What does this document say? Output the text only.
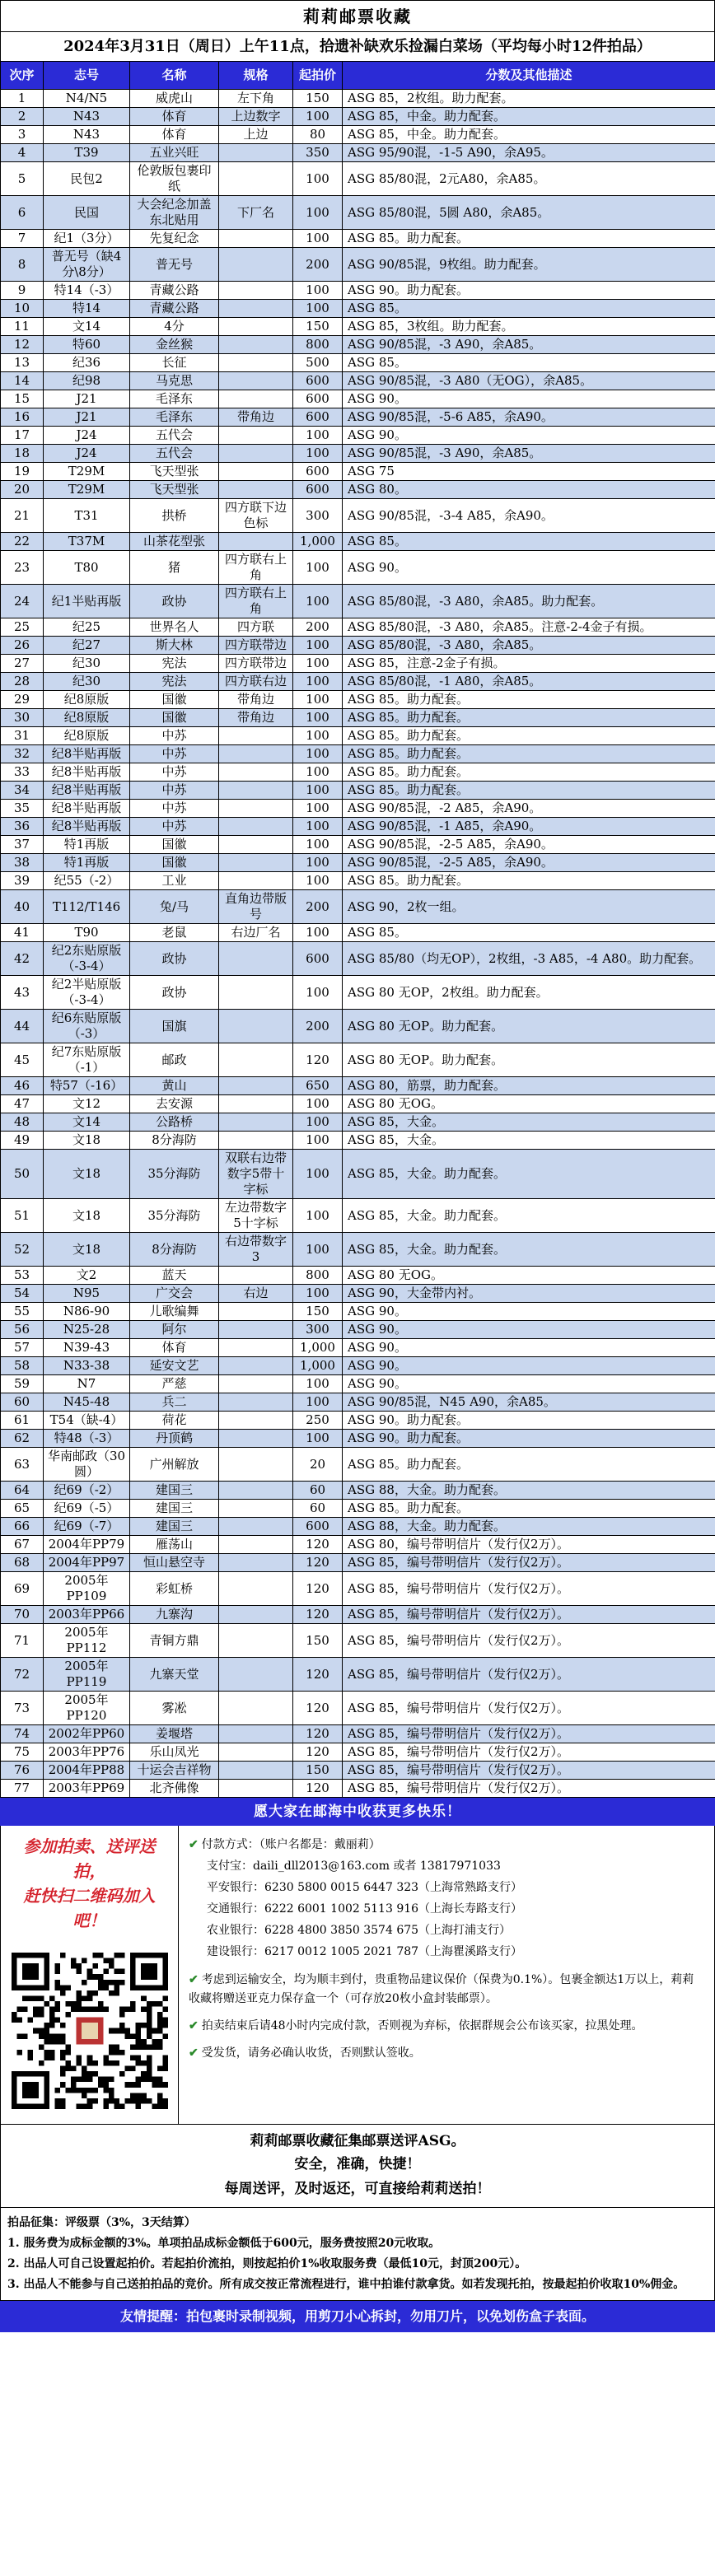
莉莉邮票收藏
2024年3月31日（周日）上午11点，拾遗补缺欢乐捡漏白菜场（平均每小时12件拍品）
次序	志号	名称	规格	起拍价	分数及其他描述
1	N4/N5	威虎山	左下角	150	ASG 85，2枚组。助力配套。
2	N43	体育	上边数字	100	ASG 85，中金。助力配套。
3	N43	体育	上边	80	ASG 85，中金。助力配套。
4	T39	五业兴旺		350	ASG 95/90混，-1-5 A90，余A95。
5	民包2	伦敦版包裹印纸		100	ASG 85/80混，2元A80，余A85。
6	民国	大会纪念加盖东北贴用	下厂名	100	ASG 85/80混，5圆 A80，余A85。
7	纪1（3分）	先复纪念		100	ASG 85。助力配套。
8	普无号（缺4分\8分）	普无号		200	ASG 90/85混，9枚组。助力配套。
9	特14（-3）	青藏公路		100	ASG 90。助力配套。
10	特14	青藏公路		100	ASG 85。
11	文14	4分		150	ASG 85，3枚组。助力配套。
12	特60	金丝猴		800	ASG 90/85混，-3 A90，余A85。
13	纪36	长征		500	ASG 85。
14	纪98	马克思		600	ASG 90/85混，-3 A80（无OG），余A85。
15	J21	毛泽东		600	ASG 90。
16	J21	毛泽东	带角边	600	ASG 90/85混，-5-6 A85，余A90。
17	J24	五代会		100	ASG 90。
18	J24	五代会		100	ASG 90/85混，-3 A90，余A85。
19	T29M	飞天型张		600	ASG 75
20	T29M	飞天型张		600	ASG 80。
21	T31	拱桥	四方联下边色标	300	ASG 90/85混，-3-4 A85，余A90。
22	T37M	山茶花型张		1,000	ASG 85。
23	T80	猪	四方联右上角	100	ASG 90。
24	纪1半贴再版	政协	四方联右上角	100	ASG 85/80混，-3 A80，余A85。助力配套。
25	纪25	世界名人	四方联	200	ASG 85/80混，-3 A80，余A85。注意-2-4金子有损。
26	纪27	斯大林	四方联带边	100	ASG 85/80混，-3 A80，余A85。
27	纪30	宪法	四方联带边	100	ASG 85，注意-2金子有损。
28	纪30	宪法	四方联右边	100	ASG 85/80混，-1 A80，余A85。
29	纪8原版	国徽	带角边	100	ASG 85。助力配套。
30	纪8原版	国徽	带角边	100	ASG 85。助力配套。
31	纪8原版	中苏		100	ASG 85。助力配套。
32	纪8半贴再版	中苏		100	ASG 85。助力配套。
33	纪8半贴再版	中苏		100	ASG 85。助力配套。
34	纪8半贴再版	中苏		100	ASG 85。助力配套。
35	纪8半贴再版	中苏		100	ASG 90/85混，-2 A85，余A90。
36	纪8半贴再版	中苏		100	ASG 90/85混，-1 A85，余A90。
37	特1再版	国徽		100	ASG 90/85混，-2-5 A85，余A90。
38	特1再版	国徽		100	ASG 90/85混，-2-5 A85，余A90。
39	纪55（-2）	工业		100	ASG 85。助力配套。
40	T112/T146	兔/马	直角边带版号	200	ASG 90，2枚一组。
41	T90	老鼠	右边厂名	100	ASG 85。
42	纪2东贴原版（-3-4）	政协		600	ASG 85/80（均无OP），2枚组，-3 A85，-4 A80。助力配套。
43	纪2半贴原版（-3-4）	政协		100	ASG 80 无OP，2枚组。助力配套。
44	纪6东贴原版（-3）	国旗		200	ASG 80 无OP。助力配套。
45	纪7东贴原版（-1）	邮政		120	ASG 80 无OP。助力配套。
46	特57（-16）	黄山		650	ASG 80，筋票，助力配套。
47	文12	去安源		100	ASG 80 无OG。
48	文14	公路桥		100	ASG 85，大金。
49	文18	8分海防		100	ASG 85，大金。
50	文18	35分海防	双联右边带数字5带十字标	100	ASG 85，大金。助力配套。
51	文18	35分海防	左边带数字5十字标	100	ASG 85，大金。助力配套。
52	文18	8分海防	右边带数字3	100	ASG 85，大金。助力配套。
53	文2	蓝天		800	ASG 80 无OG。
54	N95	广交会	右边	100	ASG 90，大金带内衬。
55	N86-90	儿歌编舞		150	ASG 90。
56	N25-28	阿尔		300	ASG 90。
57	N39-43	体育		1,000	ASG 90。
58	N33-38	延安文艺		1,000	ASG 90。
59	N7	严慈		100	ASG 90。
60	N45-48	兵二		100	ASG 90/85混，N45 A90，余A85。
61	T54（缺-4）	荷花		250	ASG 90。助力配套。
62	特48（-3）	丹顶鹤		100	ASG 90。助力配套。
63	华南邮政（30圆）	广州解放		20	ASG 85。助力配套。
64	纪69（-2）	建国三		60	ASG 88，大金。助力配套。
65	纪69（-5）	建国三		60	ASG 85。助力配套。
66	纪69（-7）	建国三		600	ASG 88，大金。助力配套。
67	2004年PP79	雁荡山		120	ASG 80，编号带明信片（发行仅2万）。
68	2004年PP97	恒山悬空寺		120	ASG 85，编号带明信片（发行仅2万）。
69	2005年PP109	彩虹桥		120	ASG 85，编号带明信片（发行仅2万）。
70	2003年PP66	九寨沟		120	ASG 85，编号带明信片（发行仅2万）。
71	2005年PP112	青铜方鼎		150	ASG 85，编号带明信片（发行仅2万）。
72	2005年PP119	九寨天堂		120	ASG 85，编号带明信片（发行仅2万）。
73	2005年PP120	雾凇		120	ASG 85，编号带明信片（发行仅2万）。
74	2002年PP60	姜堰塔		120	ASG 85，编号带明信片（发行仅2万）。
75	2003年PP76	乐山凤光		120	ASG 85，编号带明信片（发行仅2万）。
76	2004年PP88	十运会吉祥物		150	ASG 85，编号带明信片（发行仅2万）。
77	2003年PP69	北齐佛像		120	ASG 85，编号带明信片（发行仅2万）。
愿大家在邮海中收获更多快乐！
参加拍卖、送评送拍，
赶快扫二维码加入吧！
✔ 付款方式：（账户名都是：戴丽莉）
支付宝：daili_dll2013@163.com 或者 13817971033
平安银行：6230 5800 0015 6447 323（上海常熟路支行）
交通银行：6222 6001 1002 5113 916（上海长寿路支行）
农业银行：6228 4800 3850 3574 675（上海打浦支行）
建设银行：6217 0012 1005 2021 787（上海瞿溪路支行）
✔ 考虑到运输安全，均为顺丰到付，贵重物品建议保价（保费为0.1%）。包裹金额达1万以上，莉莉收藏将赠送亚克力保存盒一个（可存放20枚小盒封装邮票）。
✔ 拍卖结束后请48小时内完成付款，否则视为弃标，依据群规会公布该买家，拉黑处理。
✔ 受发货，请务必确认收货，否则默认签收。
莉莉邮票收藏征集邮票送评ASG。
安全，准确，快捷！
每周送评，及时返还，可直接给莉莉送拍！
拍品征集：评级票（3%，3天结算）
1. 服务费为成标金额的3%。单项拍品成标金额低于600元，服务费按照20元收取。
2. 出品人可自己设置起拍价。若起拍价流拍，则按起拍价1%收取服务费（最低10元，封顶200元）。
3. 出品人不能参与自己送拍拍品的竞价。所有成交按正常流程进行，谁中拍谁付款拿货。如若发现托拍，按最起拍价收取10%佣金。
友情提醒：拍包裹时录制视频，用剪刀小心拆封，勿用刀片，以免划伤盒子表面。
